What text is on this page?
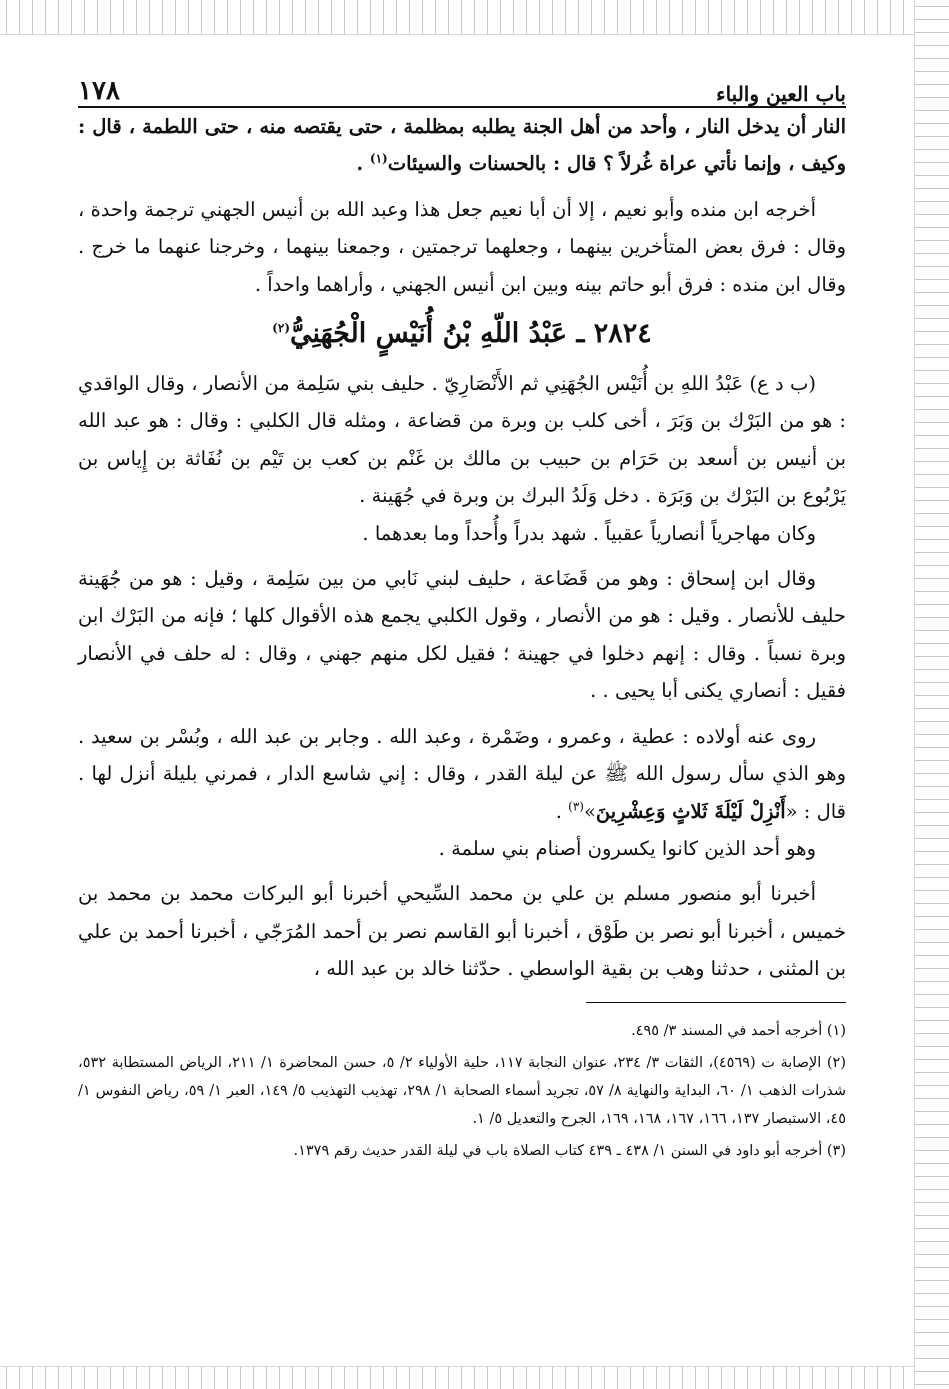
باب العين والباء
١٧٨

النار أن يدخل النار ، وأحد من أهل الجنة يطلبه بمظلمة ، حتى يقتصه منه ، حتى اللطمة ، قال : وكيف ، وإنما نأتي عراة غُرلاً ؟ قال : بالحسنات والسيئات$^{(١)}$ .

أخرجه ابن منده وأبو نعيم ، إلا أن أبا نعيم جعل هذا وعبد الله بن أنيس الجهني ترجمة واحدة ، وقال : فرق بعض المتأخرين بينهما ، وجعلهما ترجمتين ، وجمعنا بينهما ، وخرجنا عنهما ما خرج . وقال ابن منده : فرق أبو حاتم بينه وبين ابن أنيس الجهني ، وأراهما واحداً .

٢٨٢٤ ـ عَبْدُ اللّهِ بْنُ أُنَيْسٍ الْجُهَنِيُّ$^{(٢)}$

(ب د ع) عَبْدُ اللهِ بن أُنَيْس الجُهَنِي ثم الأَنْصَارِيّ . حليف بني سَلِمة من الأنصار ، وقال الواقدي : هو من البَرْك بن وَبَرَ ، أخى كلب بن وبرة من قضاعة ، ومثله قال الكلبي : وقال : هو عبد الله بن أنيس بن أسعد بن حَرَام بن حبيب بن مالك بن غَنْم بن كعب بن تَيْم بن نُفَاثة بن إِياس بن يَرْبُوع بن البَرْك بن وَبَرَة . دخل وَلَدُ البرك بن وبرة في جُهَينة .

وكان مهاجرياً أنصارياً عقبياً . شهد بدراً وأُحداً وما بعدهما .

وقال ابن إسحاق : وهو من قَضَاعة ، حليف لبني نَابي من بين سَلِمة ، وقيل : هو من جُهَينة حليف للأنصار . وقيل : هو من الأنصار ، وقول الكلبي يجمع هذه الأقوال كلها ؛ فإنه من البَرْك ابن وبرة نسباً . وقال : إنهم دخلوا في جهينة ؛ فقيل لكل منهم جهني ، وقال : له حلف في الأنصار فقيل : أنصاري يكنى أبا يحيى . .

روى عنه أولاده : عطية ، وعمرو ، وضَمْرة ، وعبد الله . وجابر بن عبد الله ، وبُسْر بن سعيد . وهو الذي سأل رسول الله ﷺ عن ليلة القدر ، وقال : إني شاسع الدار ، فمرني بليلة أنزل لها . قال : «أَنْزِلْ لَيْلَةَ ثَلاثٍ وَعِشْرِينَ»$^{(٣)}$ .

وهو أحد الذين كانوا يكسرون أصنام بني سلمة .

أخبرنا أبو منصور مسلم بن علي بن محمد السِّيحي أخبرنا أبو البركات محمد بن محمد بن خميس ، أخبرنا أبو نصر بن طَوْق ، أخبرنا أبو القاسم نصر بن أحمد المُرَجّي ، أخبرنا أحمد بن علي بن المثنى ، حدثنا وهب بن بقية الواسطي . حدّثنا خالد بن عبد الله ،

(١) أخرجه أحمد في المسند ٣/ ٤٩٥.

(٢) الإصابة ت (٤٥٦٩)، الثقات ٣/ ٢٣٤، عنوان النجابة ١١٧، حلية الأولياء ٢/ ٥، حسن المحاضرة ١/ ٢١١، الرياض المستطابة ٥٣٢، شذرات الذهب ١/ ٦٠، البداية والنهاية ٨/ ٥٧، تجريد أسماء الصحابة ١/ ٢٩٨، تهذيب التهذيب ٥/ ١٤٩، العبر ١/ ٥٩، رياض النفوس ١/ ٤٥، الاستبصار ١٣٧، ١٦٦، ١٦٧، ١٦٨، ١٦٩، الجرح والتعديل ٥/ ١.

(٣) أخرجه أبو داود في السنن ١/ ٤٣٨ ـ ٤٣٩ كتاب الصلاة باب في ليلة القدر حديث رقم ١٣٧٩.
